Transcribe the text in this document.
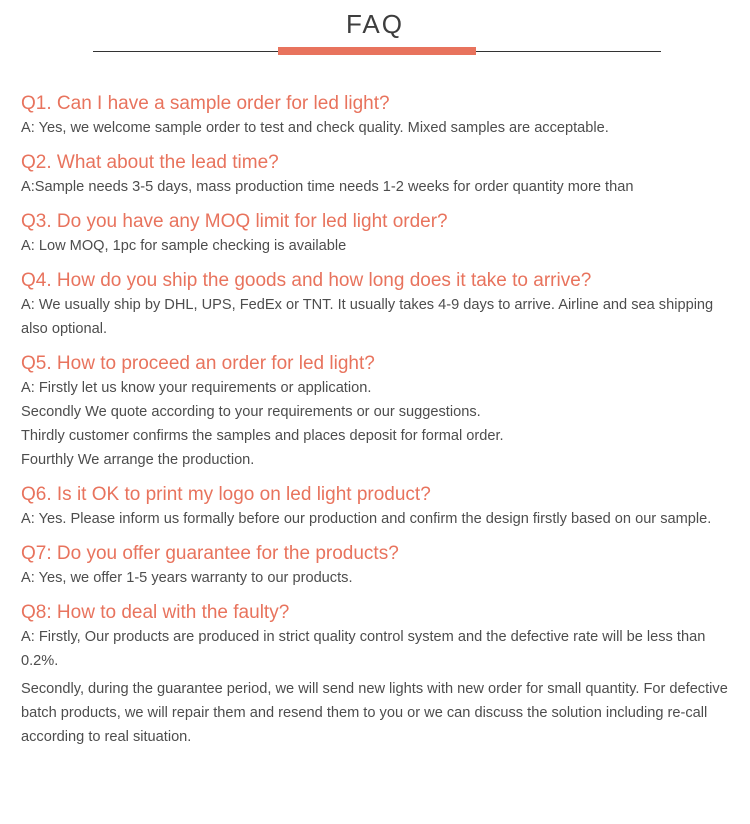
FAQ

Q1. Can I have a sample order for led light?

A: Yes, we welcome sample order to test and check quality. Mixed samples are acceptable.

Q2. What about the lead time?

A:Sample needs 3-5 days, mass production time needs 1-2 weeks for order quantity more than

Q3. Do you have any MOQ limit for led light order?

A: Low MOQ, 1pc for sample checking is available

Q4. How do you ship the goods and how long does it take to arrive?

A: We usually ship by DHL, UPS, FedEx or TNT. It usually takes 4-9 days to arrive. Airline and sea shipping also optional.

Q5. How to proceed an order for led light?

A: Firstly let us know your requirements or application.

Secondly We quote according to your requirements or our suggestions.

Thirdly customer confirms the samples and places deposit for formal order.

Fourthly We arrange the production.

Q6. Is it OK to print my logo on led light product?

A: Yes. Please inform us formally before our production and confirm the design firstly based on our sample.

Q7: Do you offer guarantee for the products?

A: Yes, we offer 1-5 years warranty to our products.

Q8: How to deal with the faulty?

A: Firstly, Our products are produced in strict quality control system and the defective rate will be less than 0.2%.

Secondly, during the guarantee period, we will send new lights with new order for small quantity. For defective batch products, we will repair them and resend them to you or we can discuss the solution including re-call according to real situation.
